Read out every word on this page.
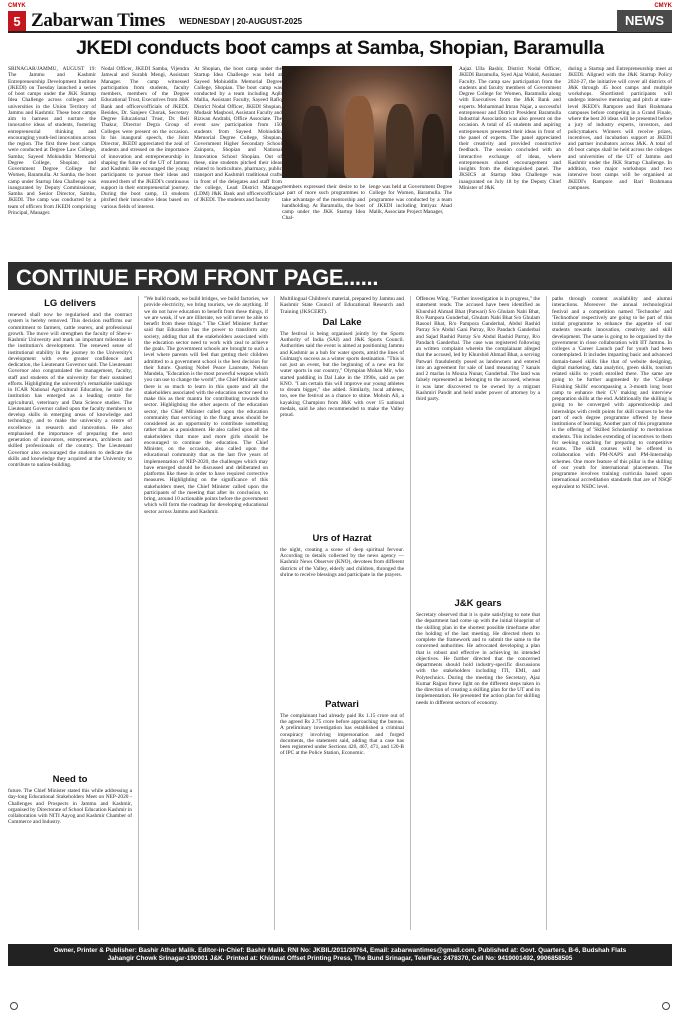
CMYK	CMYK
5 Zabarwan Times WEDNESDAY | 20-AUGUST-2025	NEWS
JKEDI conducts boot camps at Samba, Shopian, Baramulla
SRINAGAR/JAMMU, AUGUST 19: The Jammu and Kashmir Entrepreneurship Development Institute (JKEDI) on Tuesday launched a series of boot camps under the JKK Startup Idea Challenge across colleges and universities in the Union Territory of Jammu and Kashmir. These boot camps aim to harness and nurture the innovative ideas of students, fostering entrepreneurial thinking and encouraging youth-led innovation across the region. The first three boot camps were conducted at Degree Law College, Samba; Sayeed Mohiuddin Memorial Degree College, Shopian; and Government Degree College for Women, Baramulla. At Samba, the boot camp under Startup Idea Challenge was inaugurated by Deputy Commissioner, Samba and Senior Director, Samba, JKEDI. The camp was conducted by a team of officers from JKEDI comprising Principal, Manager.
Nodal Officer, JKEDI Samba, Vijendra Jamwal and Surabh Mengi, Assistant Manager. The camp witnessed participation from students, faculty members, members of the Degree Educational Trust, Executives from J&K Bank and officers/officials of JKEDI. Besides, Dr. Sanjeev Chorak, Secretary Degree Educational Trust, Dr. Beli Thakur, Director Degra Group of Colleges were present on the occasion. In his inaugural speech, the Joint Director, JKEDI appreciated the zeal of students and stressed on the importance of innovation and entrepreneurship in shaping the future of the UT of Jammu and Kashmir. He encouraged the young participants to pursue their ideas and ensured them of the JKEDI's continuous support in their entrepreneurial journey. During the boot camp, 13 students pitched their innovative ideas based on various fields of interest.
At Shopian, the boot camp under the Startup Idea Challenge was held at Sayeed Mohiuddin Memorial Degree College, Shopian. The boot camp was conducted by a team including Aqib Mallia, Assistant Faculty, Sayeed Rafiq District Nodal Officer, JKEDI Shopian, Mudasir Maqbool, Assistant Faculty and Rizwan Andrabi, Office Associate. The event saw participation from 150 students from Sayeed Mohiuddin Memorial Degree College, Shopian, Government Higher Secondary School Zainpora, Shopian and National Innovation School Shopian. Out of these, nine students pitched their ideas related to horticulture, pharmacy, public transport and Kashmiri traditional crafts in front of the delegates and staff from the college, Lead District Manager (LDM) J&K Bank and officers/officials of JKEDI. The students and faculty
members expressed their desire to be a part of more such programmes to take advantage of the mentorship and handholding. At Baramulla, the boot camp under the JKK Startup Idea Chal-
lenge was held at Government Degree College for Women, Baramulla. The programme was conducted by a team of JKEDI including Imtiyaz Ahad Malik, Associate Project Manager,
Aajaz Ulla Bashir, District Nodal Officer, JKEDI Baramulla, Syed Ajaz Wahid, Assistant Faculty. The camp saw participation from the students and faculty members of Government Degree College for Women, Baramulla along with Executives from the J&K Bank and experts. Mohammad Imran Najar, a successful entrepreneur and District President Baramulla Industrial Association was also present on the occasion. A total of 45 students and aspiring entrepreneurs presented their ideas in front of the panel of experts. The panel appreciated their creativity and provided constructive feedback. The session concluded with an interactive exchange of ideas, where entrepreneurs shared encouragement and insights from the distinguished panel. The JKSICS at Startup Idea Challenge was inaugurated on July 18 by the Deputy Chief Minister of J&K
during a Startup and Entrepreneurship meet at JKEDI. Aligned with the J&K Startup Policy 2024-27, the initiative will cover all districts of J&K through 45 boot camps and multiple workshops. Shortlisted participants will undergo intensive mentoring and pitch at state-level JKEDI's Rampore and Bari Brahmana campuses before competing in a Grand Finale, where the best 20 ideas will be presented before a jury of industry experts, investors, and policymakers. Winners will receive prizes, incentives, and incubation support at JKEDI and partner incubators across J&K. A total of 46 boot camps shall be held across the colleges and universities of the UT of Jammu and Kashmir under the JKK Startup Challenge. In addition, two major workshops and two intensive boot camps will be organised at JKEDI's Rampore and Bari Brahmana campuses.
CONTINUE FROM FRONT PAGE......
LG delivers
renewed shall now be regularised and the contract system is hereby removed. This decision reaffirms our commitment to farmers, cattle rearers, and professional growth. The move will strengthen the faculty of Sher-e-Kashmir University and mark an important milestone in the institution's development. The renewed sense of institutional stability in the journey to the University's development with even greater confidence and dedication, the Lieutenant Governor said. The Lieutenant Governor also congratulated the management, faculty, staff and students of the university for their sustained efforts. Highlighting the university's remarkable rankings in ICAR National Agricultural Education, he said the institution has emerged as a leading centre for agricultural, veterinary and Data Science studies. The Lieutenant Governor called upon the faculty members to develop skills in emerging areas of knowledge and technology, and to make the university a centre of excellence in research and innovation. He also emphasised the importance of preparing the next generation of innovators, entrepreneurs, architects and skilled professionals of the country. The Lieutenant Governor also encouraged the students to dedicate the skills and knowledge they acquired at the University to contribute to nation-building.
Need to
future. The Chief Minister stated this while addressing a day-long Educational Stakeholders Meet on NEP-2020 - Challenges and Prospects in Jammu and Kashmir, organised by Directorate of School Education Kashmir in collaboration with NITI Aayog and Kashmir Chamber of Commerce and Industry.
"We build roads, we build bridges, we build factories, we provide electricity, we bring tourists, we do anything. If we do not have education to benefit from these things, if we are weak, if we are illiterate, we will never be able to benefit from these things." The Chief Minister further said that Education has the power to transform any society, adding that all the stakeholders associated with the education sector need to work with zeal to achieve the goals. The government schools are brought to such a level where parents will feel that getting their children admitted to a government school is the best decision for their future. Quoting Nobel Peace Laureate, Nelson Mandela, "Education is the most powerful weapon which you can use to change the world", the Chief Minister said there is so much to learn in this quote and all the stakeholders associated with the education sector need to make this as their mantra for contributing towards the sector. Highlighting the other aspects of the education sector, the Chief Minister called upon the education community that servicing in the flung areas should be considered as an opportunity to contribute something rather than as a punishment. He also called upon all the stakeholders that more and more girls should be encouraged to continue the education. The Chief Minister, on the occasion, also called upon the educational community that as the last five years of implementation of NEP-2020, the challenges which may have emerged should be discussed and deliberated on platforms like these in order to have required corrective measures. Highlighting on the significance of this stakeholders meet, the Chief Minister called upon the participants of the meeting that after its conclusion, to bring, around 10 actionable points before the government which will form the roadmap for developing educational sector across Jammu and Kashmir.
Multilingual Children's material, prepared by Jammu and Kashmir State Council of Educational Research and Training (JKSCERT).
Dal Lake
The festival is being organised jointly by the Sports Authority of India (SAI) and J&K Sports Council. Authorities said the event is aimed at positioning Jammu and Kashmir as a hub for water sports, amid the lines of Gulmarg's success as a winter sports destination. "This is not just an event, but the beginning of a new era for water sports in our country," Olympian Mohan Mir, who started paddling in Dal Lake in the 1990s, said as per KNO. "I am certain this will improve our young athletes to dream bigger," she added. Similarly, local athletes, too, see the festival as a chance to shine. Mohsin Ali, a kayaking Champion from J&K with over 15 national medals, said he also recommended to make the Valley proud.
Urs of Hazrat
the night, creating a scene of deep spiritual fervour. According to details collected by the news agency — Kashmir News Observer (KNO), devotees from different districts of the Valley, elderly and children, thronged the shrine to receive blessings and participate in the prayers.
Patwari
The complainant had already paid Rs 1.15 crore out of the agreed Rs 2.75 crore before approaching the bureau. A preliminary investigation has established a criminal conspiracy involving impersonation and forged documents, the statement said, adding that a case has been registered under Sections 420, 467, 471, and 120-B of IPC at the Police Station, Economic.
Offences Wing. "Further investigation is in progress," the statement reads. The accused have been identified as Khurshid Ahmad Bhat (Patwari) S/o Ghulam Nabi Bhat, R/o Pampora Gunderbal, Ghulam Nabi Bhat S/o Ghulam Rasool Bhat, R/o Pampora Ganderbal, Abdul Rashid Parray S/o Abdul Gani Parray, R/o Pandach Ganderbal and Sajad Rashid Parray S/o Abdul Rashid Parray, R/o Pandach Ganderbal. The case was registered following an written complaint wherein the complainant alleged that the accused, led by Khurshid Ahmad Bhat, a serving Patwari fraudulently posed as landowners and entered into an agreement for sale of land measuring 7 kanals and 2 marlas in Mouza Nunar, Ganderbal. The land was falsely represented as belonging to the accused, whereas it was later discovered to be owned by a migrant Kashmiri Pandit and held under power of attorney by a third party.
J&K gears
Secretary observed that it is quite satisfying to note that the department had come up with the initial blueprint of the skilling plan in the shortest possible timeframe after the holding of the last meeting. He directed them to complete the framework and to submit the same to the concerned authorities. He advocated developing a plan that is robust and effective in achieving its intended objectives. He further directed that the concerned departments should hold industry-specific discussions with the stakeholders including ITI, EMI, and Polytechnics. During the meeting the Secretary, Ajaz Kumar Rajput threw light on the different steps taken in the direction of creating a skilling plan for the UT and its implementation. He presented the action plan for skilling needs in different sectors of economy.
paths through content availability and alumni interactions. Moreover the annual technological festival and a competition named 'Technothe' and 'Technothon' respectively are going to be part of this initial programme to enhance the appetite of our students towards innovation, creativity and skill development. The same is going to be organised by the government in close collaboration with IIT Jammu. In colleges a 'Career Launch pad' for youth had been contemplated. It includes imparting basic and advanced domain-based skills like that of website designing, digital marketing, data analytics, green skills, tourism related skills to youth enrolled there. The same are going to be further augmented by the 'College Finishing Skills' encompassing a 3-month long boot camp to enhance their CV making and interview preparation skills at the end. Additionally the skilling is going to be converged with apprenticeship and internships with credit points for skill courses to be the part of each degree programme offered by these institutions of learning. Another part of this programme is the offering of 'Skilled Scholarship' to meritorious students. This includes extending of incentives to them for seeking coaching for preparing to competitive exams. The skill courses will be offered in collaboration with PM-NAPS and PM-Internship schemes. One more feature of this pillar is the skilling of our youth for international placements. The programme involves training curricula based upon international accreditation standards that are of NSQF equivalent to NSDC level.
Owner, Printer & Publisher: Bashir Athar Malik. Editor-in-Chief: Bashir Malik. RNI No: JKBIL/2011/39764, Email: zabarwantimes@gmail.com, Published at: Govt. Quarters, B-6, Budshah Flats
Jahangir Chowk Srinagar-190001 J&K. Printed at: Khidmat Offset Printing Press, The Bund Srinagar, Tele/Fax: 2478370, Cell No: 9419001492, 9906858505
